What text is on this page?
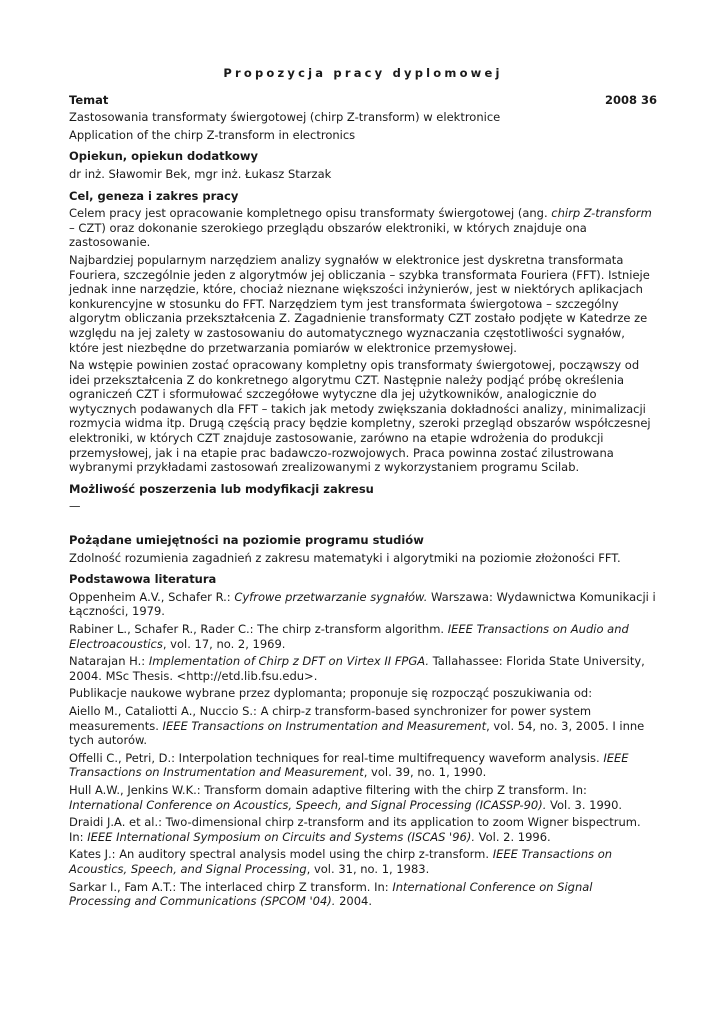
Propozycja pracy dyplomowej
Temat	2008 36

Zastosowania transformaty świergotowej (chirp Z-transform) w elektronice

Application of the chirp Z-transform in electronics

Opiekun, opiekun dodatkowy

dr inż. Sławomir Bek, mgr inż. Łukasz Starzak

Cel, geneza i zakres pracy

Celem pracy jest opracowanie kompletnego opisu transformaty świergotowej (ang. chirp Z-transform – CZT) oraz dokonanie szerokiego przeglądu obszarów elektroniki, w których znajduje ona zastosowanie.

Najbardziej popularnym narzędziem analizy sygnałów w elektronice jest dyskretna transformata Fouriera, szczególnie jeden z algorytmów jej obliczania – szybka transformata Fouriera (FFT). Istnieje jednak inne narzędzie, które, chociaż nieznane większości inżynierów, jest w niektórych aplikacjach konkurencyjne w stosunku do FFT. Narzędziem tym jest transformata świergotowa – szczególny algorytm obliczania przekształcenia Z. Zagadnienie transformaty CZT zostało podjęte w Katedrze ze względu na jej zalety w zastosowaniu do automatycznego wyznaczania częstotliwości sygnałów, które jest niezbędne do przetwarzania pomiarów w elektronice przemysłowej.

Na wstępie powinien zostać opracowany kompletny opis transformaty świergotowej, począwszy od idei przekształcenia Z do konkretnego algorytmu CZT. Następnie należy podjąć próbę określenia ograniczeń CZT i sformułować szczegółowe wytyczne dla jej użytkowników, analogicznie do wytycznych podawanych dla FFT – takich jak metody zwiększania dokładności analizy, minimalizacji rozmycia widma itp. Drugą częścią pracy będzie kompletny, szeroki przegląd obszarów współczesnej elektroniki, w których CZT znajduje zastosowanie, zarówno na etapie wdrożenia do produkcji przemysłowej, jak i na etapie prac badawczo-rozwojowych. Praca powinna zostać zilustrowana wybranymi przykładami zastosowań zrealizowanymi z wykorzystaniem programu Scilab.

Możliwość poszerzenia lub modyfikacji zakresu

—

Pożądane umiejętności na poziomie programu studiów

Zdolność rozumienia zagadnień z zakresu matematyki i algorytmiki na poziomie złożoności FFT.

Podstawowa literatura

Oppenheim A.V., Schafer R.: Cyfrowe przetwarzanie sygnałów. Warszawa: Wydawnictwa Komunikacji i Łączności, 1979.

Rabiner L., Schafer R., Rader C.: The chirp z-transform algorithm. IEEE Transactions on Audio and Electroacoustics, vol. 17, no. 2, 1969.

Natarajan H.: Implementation of Chirp z DFT on Virtex II FPGA. Tallahassee: Florida State University, 2004. MSc Thesis. <http://etd.lib.fsu.edu>.

Publikacje naukowe wybrane przez dyplomanta; proponuje się rozpocząć poszukiwania od:

Aiello M., Cataliotti A., Nuccio S.: A chirp-z transform-based synchronizer for power system measurements. IEEE Transactions on Instrumentation and Measurement, vol. 54, no. 3, 2005. I inne tych autorów.

Offelli C., Petri, D.: Interpolation techniques for real-time multifrequency waveform analysis. IEEE Transactions on Instrumentation and Measurement, vol. 39, no. 1, 1990.

Hull A.W., Jenkins W.K.: Transform domain adaptive filtering with the chirp Z transform. In: International Conference on Acoustics, Speech, and Signal Processing (ICASSP-90). Vol. 3. 1990.

Draidi J.A. et al.: Two-dimensional chirp z-transform and its application to zoom Wigner bispectrum. In: IEEE International Symposium on Circuits and Systems (ISCAS '96). Vol. 2. 1996.

Kates J.: An auditory spectral analysis model using the chirp z-transform. IEEE Transactions on Acoustics, Speech, and Signal Processing, vol. 31, no. 1, 1983.

Sarkar I., Fam A.T.: The interlaced chirp Z transform. In: International Conference on Signal Processing and Communications (SPCOM '04). 2004.
